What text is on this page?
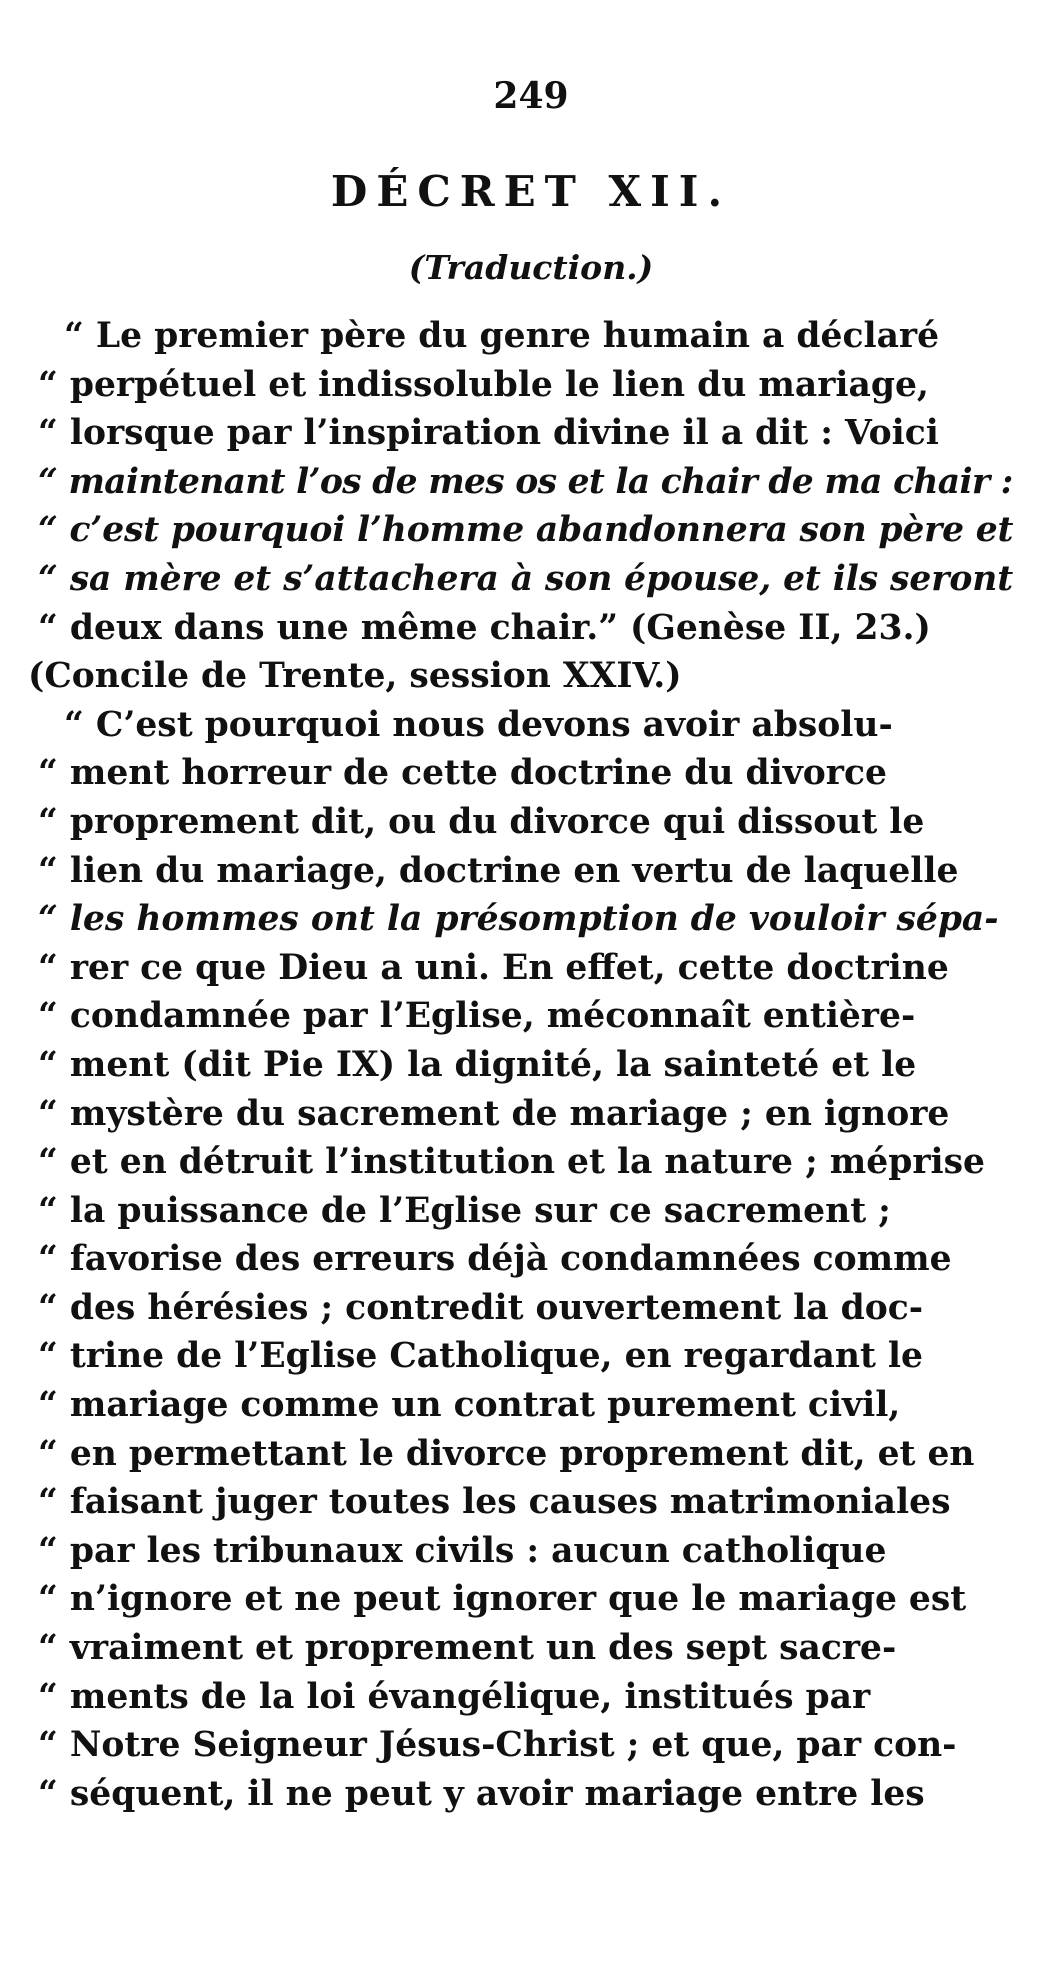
249
DÉCRET XII.
(Traduction.)
“ Le premier père du genre humain a déclaré
“ perpétuel et indissoluble le lien du mariage,
“ lorsque par l’inspiration divine il a dit : Voici
“ maintenant l’os de mes os et la chair de ma chair :
“ c’est pourquoi l’homme abandonnera son père et
“ sa mère et s’attachera à son épouse, et ils seront
“ deux dans une même chair.” (Genèse II, 23.)
(Concile de Trente, session XXIV.)
“ C’est pourquoi nous devons avoir absolu-
“ ment horreur de cette doctrine du divorce
“ proprement dit, ou du divorce qui dissout le
“ lien du mariage, doctrine en vertu de laquelle
“ les hommes ont la présomption de vouloir sépa-
“ rer ce que Dieu a uni. En effet, cette doctrine
“ condamnée par l’Eglise, méconnaît entière-
“ ment (dit Pie IX) la dignité, la sainteté et le
“ mystère du sacrement de mariage ; en ignore
“ et en détruit l’institution et la nature ; méprise
“ la puissance de l’Eglise sur ce sacrement ;
“ favorise des erreurs déjà condamnées comme
“ des hérésies ; contredit ouvertement la doc-
“ trine de l’Eglise Catholique, en regardant le
“ mariage comme un contrat purement civil,
“ en permettant le divorce proprement dit, et en
“ faisant juger toutes les causes matrimoniales
“ par les tribunaux civils : aucun catholique
“ n’ignore et ne peut ignorer que le mariage est
“ vraiment et proprement un des sept sacre-
“ ments de la loi évangélique, institués par
“ Notre Seigneur Jésus-Christ ; et que, par con-
“ séquent, il ne peut y avoir mariage entre les
